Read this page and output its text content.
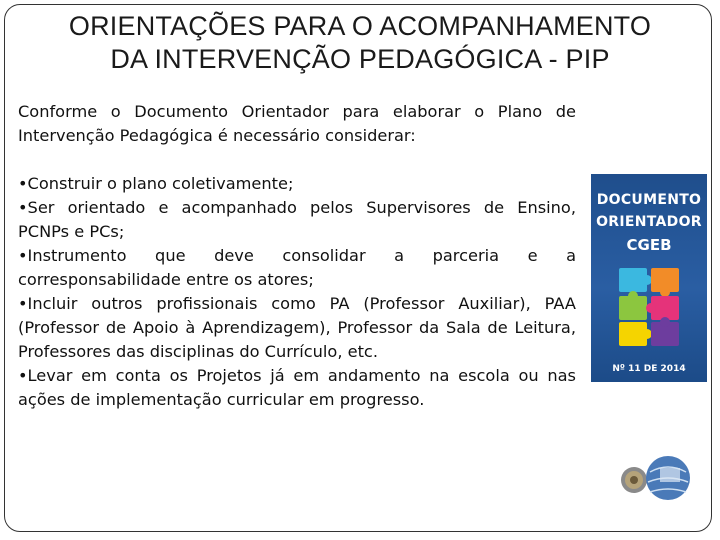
ORIENTAÇÕES PARA O ACOMPANHAMENTO
DA INTERVENÇÃO PEDAGÓGICA - PIP

Conforme o Documento Orientador para elaborar o Plano de Intervenção Pedagógica é necessário considerar:

•Construir o plano coletivamente;

•Ser orientado e acompanhado pelos Supervisores de Ensino, PCNPs e PCs;

•Instrumento que deve consolidar a parceria e a corresponsabilidade entre os atores;

•Incluir outros profissionais como PA (Professor Auxiliar), PAA (Professor de Apoio à Aprendizagem), Professor da Sala de Leitura, Professores das disciplinas do Currículo, etc.

•Levar em conta os Projetos já em andamento na escola ou nas ações de implementação curricular em progresso.

DOCUMENTO
ORIENTADOR
CGEB
Nº 11 DE 2014
